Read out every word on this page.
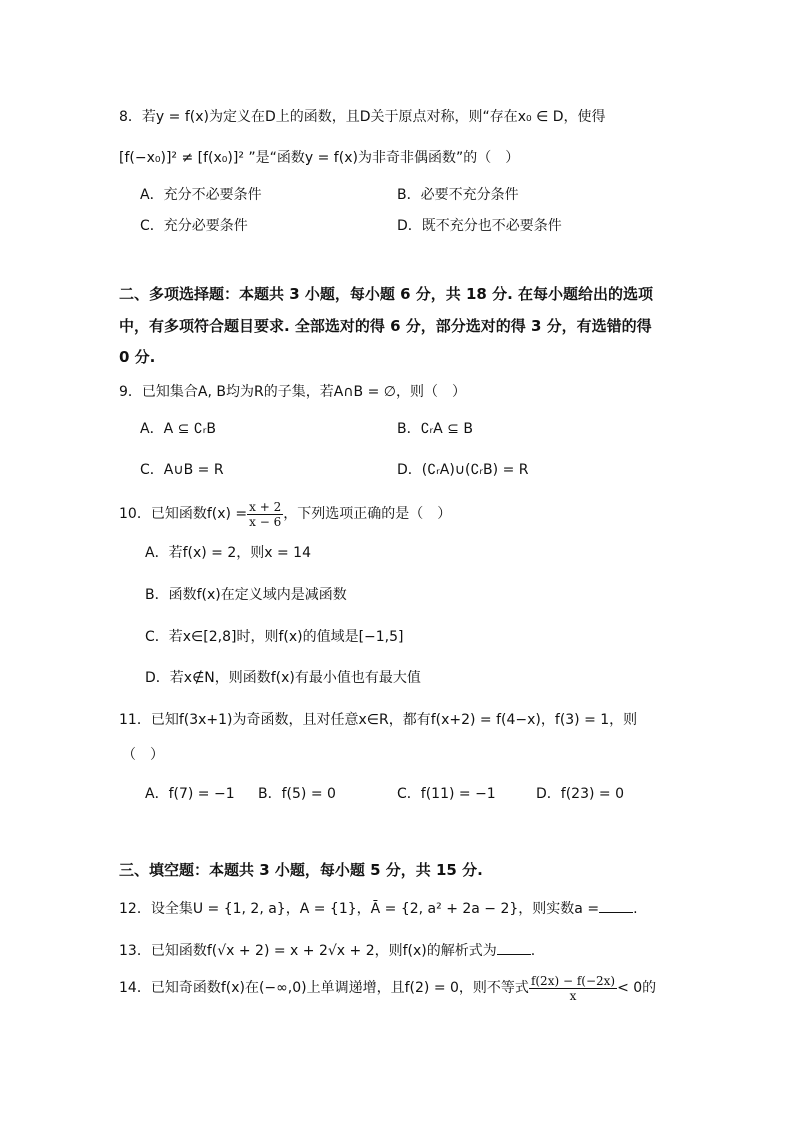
8．若y = f(x)为定义在D上的函数，且D关于原点对称，则“存在x₀ ∈ D，使得
[f(−x₀)]² ≠ [f(x₀)]² ”是“函数y = f(x)为非奇非偶函数”的（　）
A．充分不必要条件	B．必要不充分条件
C．充分必要条件	D．既不充分也不必要条件
二、多项选择题：本题共 3 小题，每小题 6 分，共 18 分. 在每小题给出的选项
中，有多项符合题目要求. 全部选对的得 6 分，部分选对的得 3 分，有选错的得
0 分.
9．已知集合A, B均为R的子集，若A∩B = ∅，则（　）
A．A ⊆ ∁ᵣB	B．∁ᵣA ⊆ B
C．A∪B = R	D．(∁ᵣA)∪(∁ᵣB) = R
10．已知函数$f(x) = \frac{x + 2}{x - 6}$ ，下列选项正确的是（　）
A．若f(x) = 2，则x = 14
B．函数f(x)在定义域内是减函数
C．若x∈[2,8]时，则f(x)的值域是[−1,5]
D．若x∉N，则函数f(x)有最小值也有最大值
11．已知f(3x+1)为奇函数，且对任意x∈R，都有f(x+2) = f(4−x)，f(3) = 1，则
（　）
A．f(7) = −1 B．f(5) = 0	C．f(11) = −1	D．f(23) = 0
三、填空题：本题共 3 小题，每小题 5 分，共 15 分.
12．设全集U = {1, 2, a}，A = {1}，Ā = {2, a² + 2a − 2}，则实数a = .
13．已知函数f(√x + 2) = x + 2√x + 2，则f(x)的解析式为 .
14．已知奇函数f(x)在(−∞,0)上单调递增，且f(2) = 0，则不等式 $\frac{f(2x) - f(-2x)}{x} < 0$的
